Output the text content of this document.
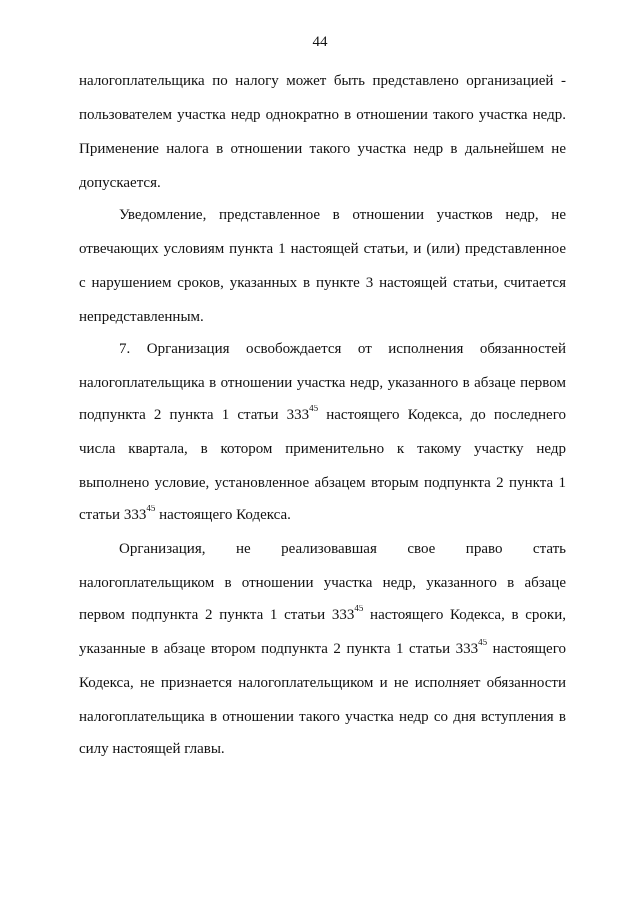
44
налогоплательщика по налогу может быть представлено организацией -
пользователем участка недр однократно в отношении такого участка недр.
Применение налога в отношении такого участка недр в дальнейшем не
допускается.
Уведомление, представленное в отношении участков недр, не
отвечающих условиям пункта 1 настоящей статьи, и (или) представленное
с нарушением сроков, указанных в пункте 3 настоящей статьи, считается
непредставленным.
7. Организация освобождается от исполнения обязанностей
налогоплательщика в отношении участка недр, указанного в абзаце первом
подпункта 2 пункта 1 статьи $333^{45}$ настоящего Кодекса, до последнего
числа квартала, в котором применительно к такому участку недр
выполнено условие, установленное абзацем вторым подпункта 2 пункта 1
статьи $333^{45}$ настоящего Кодекса.
Организация, не реализовавшая свое право стать
налогоплательщиком в отношении участка недр, указанного в абзаце
первом подпункта 2 пункта 1 статьи $333^{45}$ настоящего Кодекса, в сроки,
указанные в абзаце втором подпункта 2 пункта 1 статьи $333^{45}$ настоящего
Кодекса, не признается налогоплательщиком и не исполняет обязанности
налогоплательщика в отношении такого участка недр со дня вступления в
силу настоящей главы.
